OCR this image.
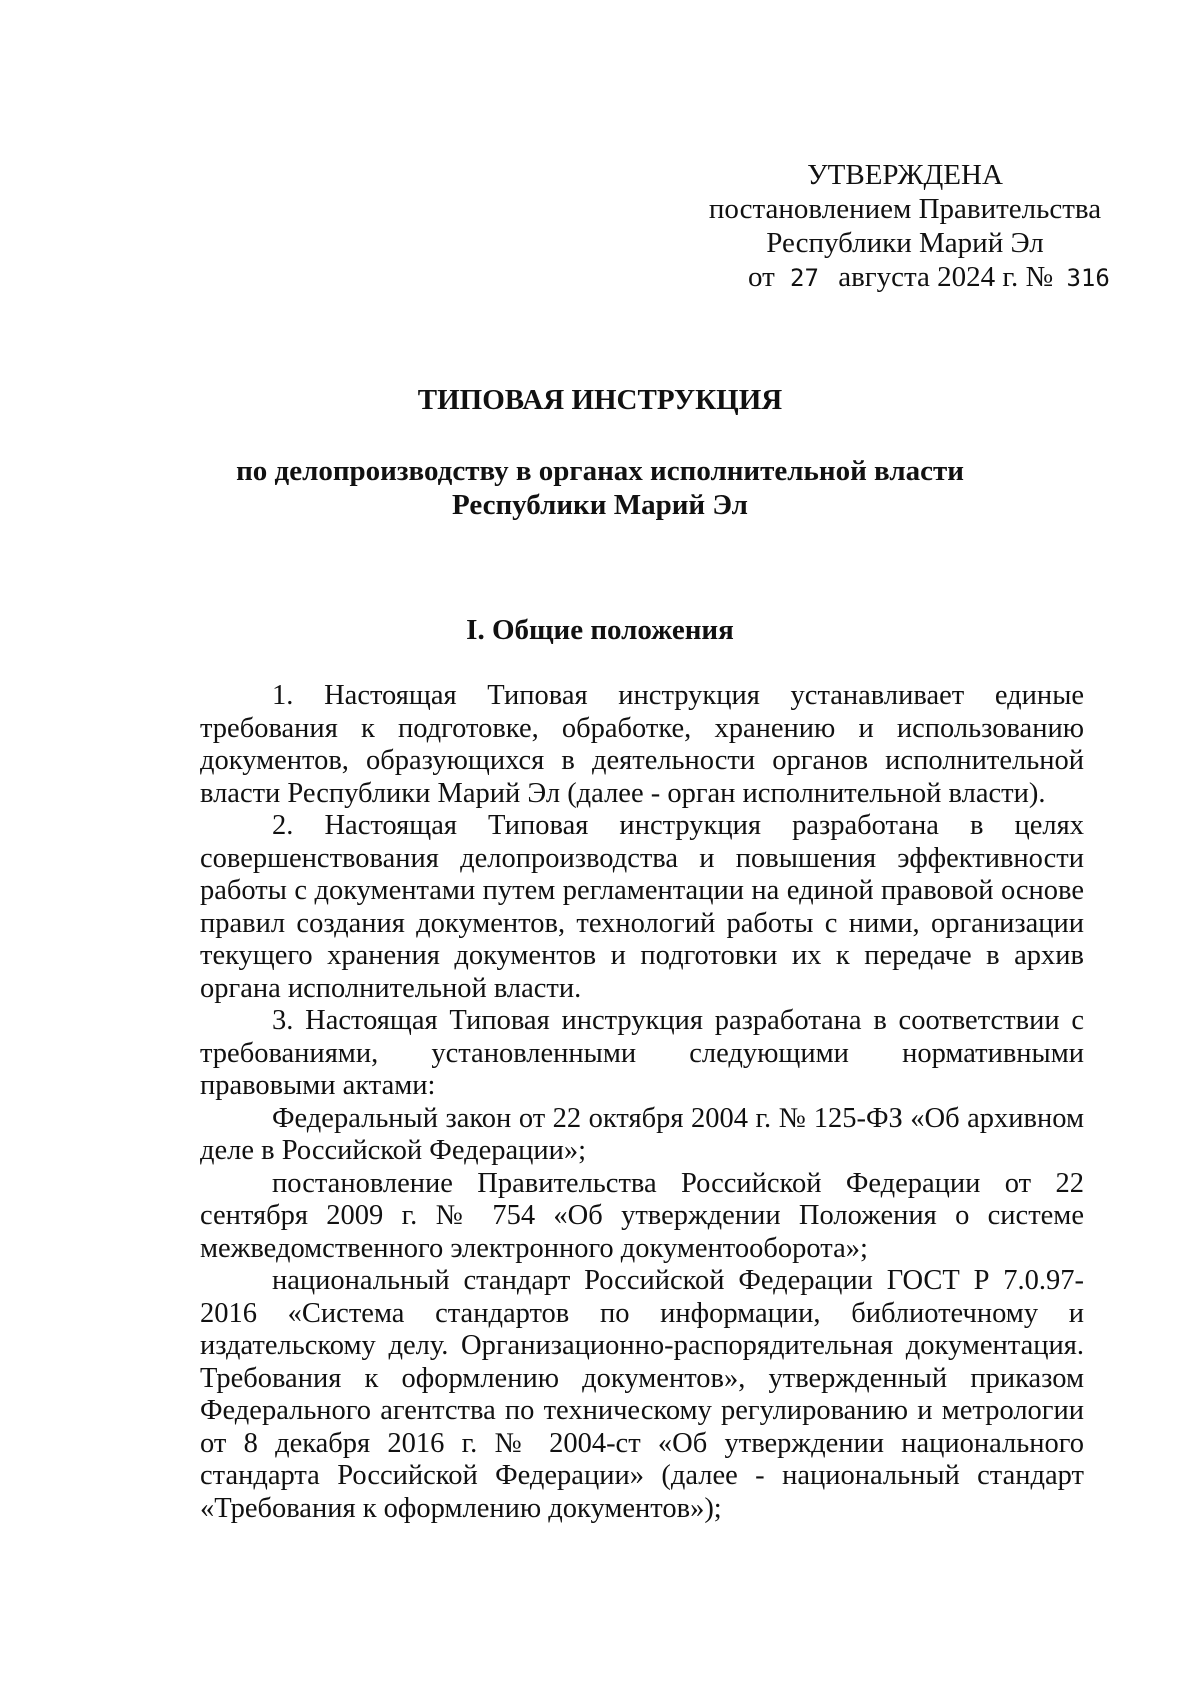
УТВЕРЖДЕНА
постановлением Правительства
Республики Марий Эл
от 27 августа 2024 г. № 316
ТИПОВАЯ ИНСТРУКЦИЯ
по делопроизводству в органах исполнительной власти
Республики Марий Эл
I. Общие положения

1. Настоящая Типовая инструкция устанавливает единые требования к подготовке, обработке, хранению и использованию документов, образующихся в деятельности органов исполнительной власти Республики Марий Эл (далее - орган исполнительной власти).

2. Настоящая Типовая инструкция разработана в целях совершенствования делопроизводства и повышения эффективности работы с документами путем регламентации на единой правовой основе правил создания документов, технологий работы с ними, организации текущего хранения документов и подготовки их к передаче в архив органа исполнительной власти.

3. Настоящая Типовая инструкция разработана в соответствии с требованиями, установленными следующими нормативными правовыми актами:

Федеральный закон от 22 октября 2004 г. № 125-ФЗ «Об архивном деле в Российской Федерации»;

постановление Правительства Российской Федерации от 22 сентября 2009 г. № 754 «Об утверждении Положения о системе межведомственного электронного документооборота»;

национальный стандарт Российской Федерации ГОСТ Р 7.0.97-2016 «Система стандартов по информации, библиотечному и издательскому делу. Организационно-распорядительная документация. Требования к оформлению документов», утвержденный приказом Федерального агентства по техническому регулированию и метрологии от 8 декабря 2016 г. № 2004-ст «Об утверждении национального стандарта Российской Федерации» (далее - национальный стандарт «Требования к оформлению документов»);
